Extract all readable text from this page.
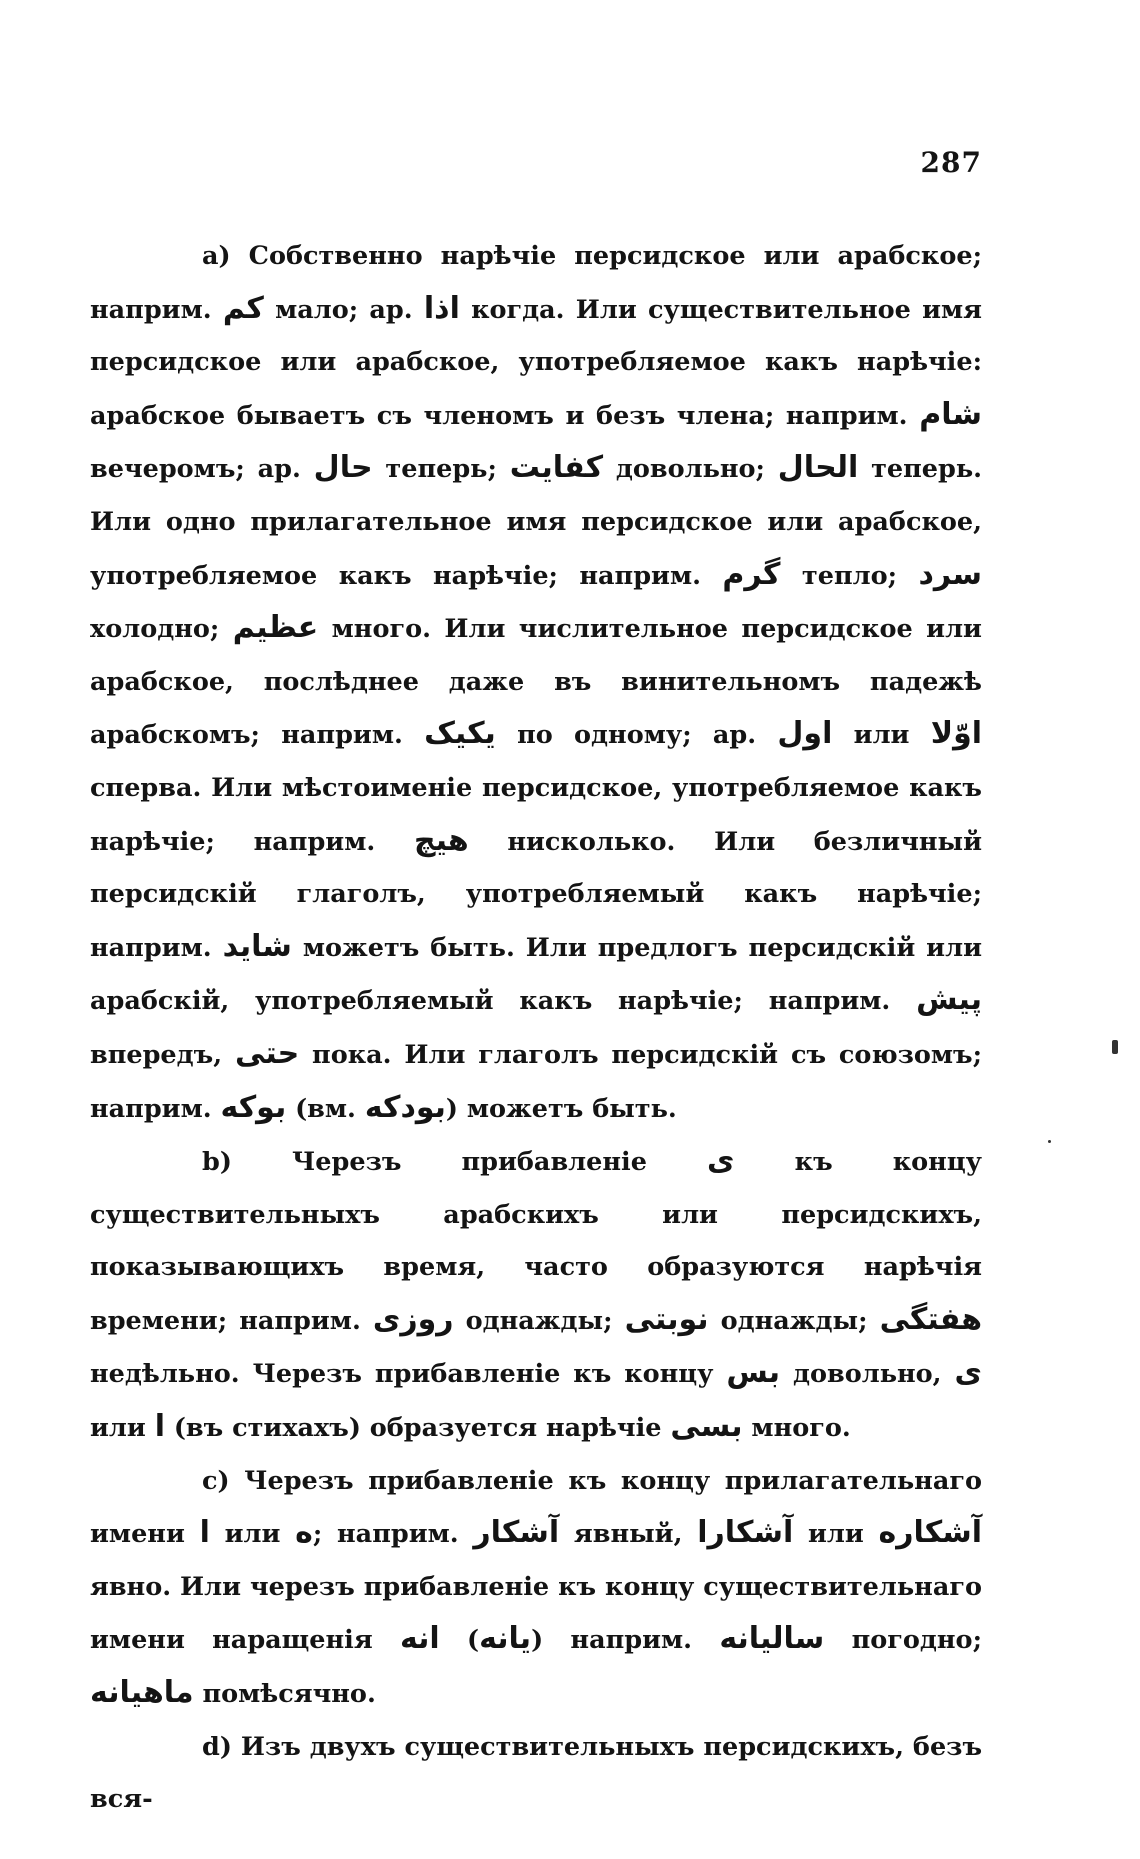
287

a) Собственно нарѣчіе персидское или арабское; наприм. کم мало; ар. اذا когда. Или существительное имя персидское или арабское, употребляемое какъ нарѣчіе: арабское бываетъ съ членомъ и безъ члена; наприм. شام вечеромъ; ар. حال теперь; کفایت довольно; الحال теперь. Или одно прилагательное имя персидское или арабское, употребляемое какъ нарѣчіе; наприм. گرم тепло; سرد холодно; عظیم много. Или числительное персидское или арабское, послѣднее даже въ винительномъ падежѣ арабскомъ; наприм. یکیک по одному; ар. اول или اوّلا сперва. Или мѣстоименіе персидское, употребляемое какъ нарѣчіе; наприм. هیچ нисколько. Или безличный персидскій глаголъ, употребляемый какъ нарѣчіе; наприм. شاید можетъ быть. Или предлогъ персидскій или арабскій, употребляемый какъ нарѣчіе; наприм. پیش впередъ, حتی пока. Или глаголъ персидскій съ союзомъ; наприм. بوکه (вм. بودکه) можетъ быть.

b) Черезъ прибавленіе ی къ концу существительныхъ арабскихъ или персидскихъ, показывающихъ время, часто образуются нарѣчія времени; наприм. روزی однажды; نوبتی однажды; هفتگی недѣльно. Черезъ прибавленіе къ концу بس довольно, ی или ا (въ стихахъ) образуется нарѣчіе بسی много.

c) Черезъ прибавленіе къ концу прилагательнаго имени ا или ه; наприм. آشکار явный, آشکارا или آشکاره явно. Или черезъ прибавленіе къ концу существительнаго имени наращенія انه (یانه) наприм. سالیانه погодно; ماهیانه помѣсячно.

d) Изъ двухъ существительныхъ персидскихъ, безъ вся-
